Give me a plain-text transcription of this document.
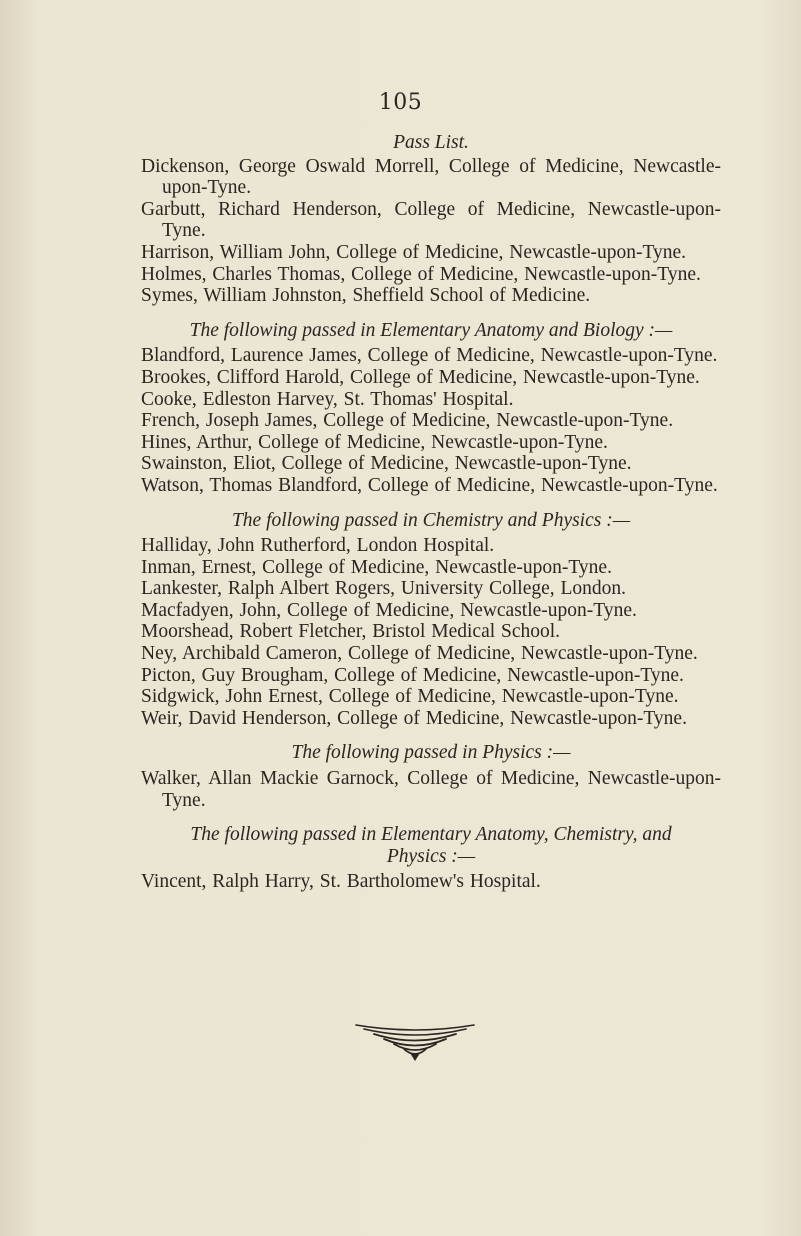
105

Pass List.

Dickenson, George Oswald Morrell, College of Medicine, Newcastle-upon-Tyne.

Garbutt, Richard Henderson, College of Medicine, Newcastle-upon-Tyne.

Harrison, William John, College of Medicine, Newcastle-upon-Tyne.

Holmes, Charles Thomas, College of Medicine, Newcastle-upon-Tyne.

Symes, William Johnston, Sheffield School of Medicine.

The following passed in Elementary Anatomy and Biology :—

Blandford, Laurence James, College of Medicine, Newcastle-upon-Tyne.

Brookes, Clifford Harold, College of Medicine, Newcastle-upon-Tyne.

Cooke, Edleston Harvey, St. Thomas' Hospital.

French, Joseph James, College of Medicine, Newcastle-upon-Tyne.

Hines, Arthur, College of Medicine, Newcastle-upon-Tyne.

Swainston, Eliot, College of Medicine, Newcastle-upon-Tyne.

Watson, Thomas Blandford, College of Medicine, Newcastle-upon-Tyne.

The following passed in Chemistry and Physics :—

Halliday, John Rutherford, London Hospital.

Inman, Ernest, College of Medicine, Newcastle-upon-Tyne.

Lankester, Ralph Albert Rogers, University College, London.

Macfadyen, John, College of Medicine, Newcastle-upon-Tyne.

Moorshead, Robert Fletcher, Bristol Medical School.

Ney, Archibald Cameron, College of Medicine, Newcastle-upon-Tyne.

Picton, Guy Brougham, College of Medicine, Newcastle-upon-Tyne.

Sidgwick, John Ernest, College of Medicine, Newcastle-upon-Tyne.

Weir, David Henderson, College of Medicine, Newcastle-upon-Tyne.

The following passed in Physics :—

Walker, Allan Mackie Garnock, College of Medicine, Newcastle-upon-Tyne.

The following passed in Elementary Anatomy, Chemistry, and Physics :—

Vincent, Ralph Harry, St. Bartholomew's Hospital.
